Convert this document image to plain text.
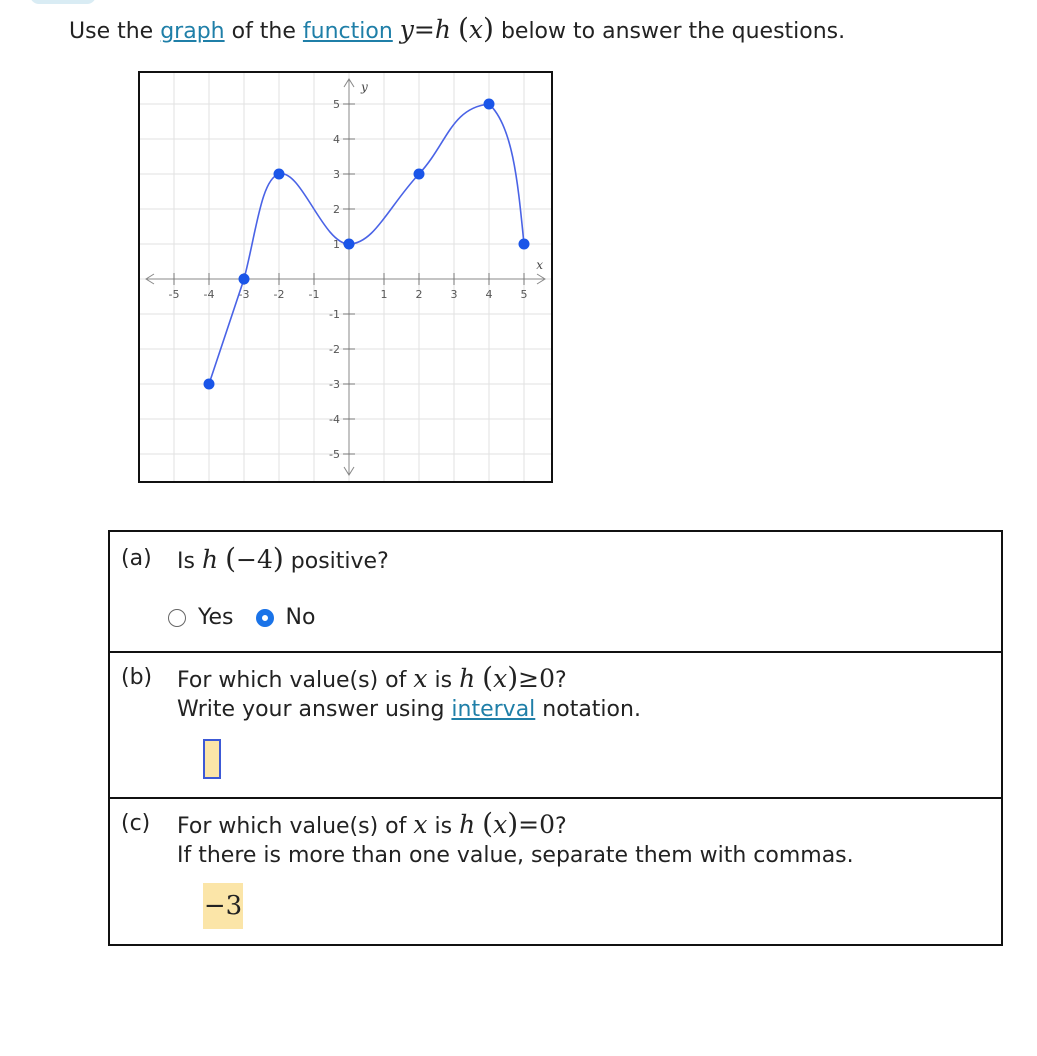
Use the graph of the function y=h (x) below to answer the questions.
-5 -4 -3 -2 -1	1	2	3	4	5
5
4
3
2
1
-1
-2
-3
-4
-5
x
y
(a) Is h (−4) positive?
Yes No
(b) For which value(s) of x is h (x)≥0?
Write your answer using interval notation.
(c) For which value(s) of x is h (x)=0?
If there is more than one value, separate them with commas.
−3
